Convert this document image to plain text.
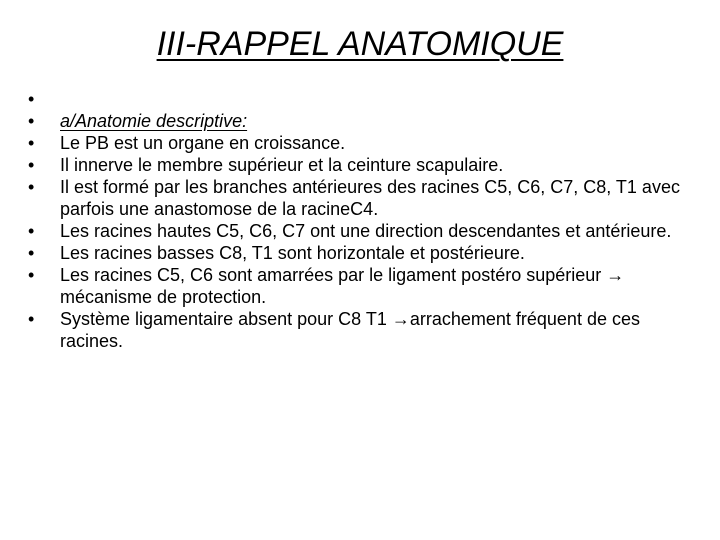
III-RAPPEL ANATOMIQUE
•

•	a/Anatomie descriptive:
•	Le PB est un organe en croissance.
•	Il innerve le membre supérieur et la ceinture scapulaire.
•	Il est formé par les branches antérieures des racines C5, C6, C7, C8, T1 avec parfois une anastomose de la racineC4.
•	Les racines hautes C5, C6, C7 ont une direction descendantes et antérieure.
•	Les racines basses C8, T1 sont horizontale et postérieure.
•	Les racines C5, C6 sont amarrées par le ligament postéro supérieur → mécanisme de protection.
•	Système ligamentaire absent pour C8 T1 →arrachement fréquent de ces racines.
